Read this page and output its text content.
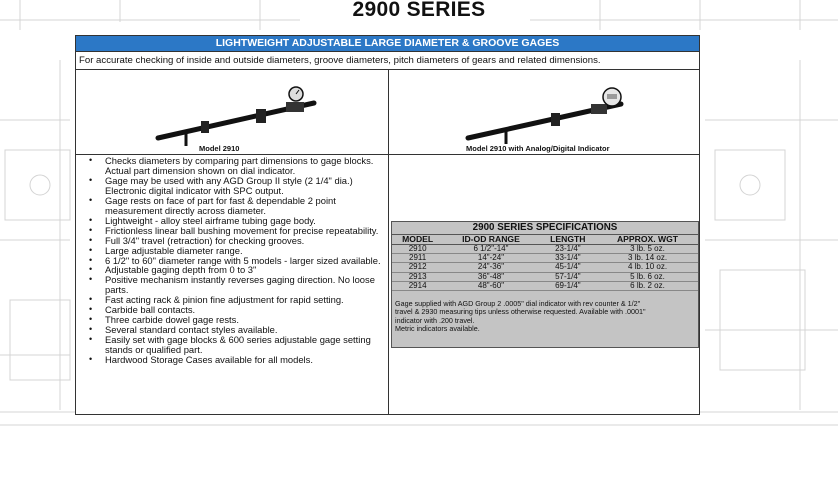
2900 SERIES
LIGHTWEIGHT ADJUSTABLE LARGE DIAMETER & GROOVE GAGES
For accurate checking of inside and outside diameters, groove diameters, pitch diameters of gears and related dimensions.
Model 2910	Model 2910 with Analog/Digital Indicator
• Checks diameters by comparing part dimensions to gage blocks. Actual part dimension shown on dial indicator.
• Gage may be used with any AGD Group II style (2 1/4" dia.) Electronic digital indicator with SPC output.
• Gage rests on face of part for fast & dependable 2 point measurement directly across diameter.
• Lightweight - alloy steel airframe tubing gage body.
• Frictionless linear ball bushing movement for precise repeatability.
• Full 3/4" travel (retraction) for checking grooves.
• Large adjustable diameter range.
• 6 1/2" to 60" diameter range with 5 models - larger sized available.
• Adjustable gaging depth from 0 to 3"
• Positive mechanism instantly reverses gaging direction. No loose parts.
• Fast acting rack & pinion fine adjustment for rapid setting.
• Carbide ball contacts.
• Three carbide dowel gage rests.
• Several standard contact styles available.
• Easily set with gage blocks & 600 series adjustable gage setting stands or qualified part.
• Hardwood Storage Cases available for all models.
2900 SERIES SPECIFICATIONS
MODEL	ID-OD RANGE	LENGTH	APPROX. WGT
2910	6 1/2"-14"	23-1/4"	3 lb. 5 oz.
2911	14"-24"	33-1/4"	3 lb. 14 oz.
2912	24"-36"	45-1/4"	4 lb. 10 oz.
2913	36"-48"	57-1/4"	5 lb. 6 oz.
2914	48"-60"	69-1/4"	6 lb. 2 oz.
Gage supplied with AGD Group 2 .0005" dial indicator with rev counter & 1/2"
travel & 2930 measuring tips unless otherwise requested. Available with .0001"
indicator with .200 travel.
Metric indicators available.
